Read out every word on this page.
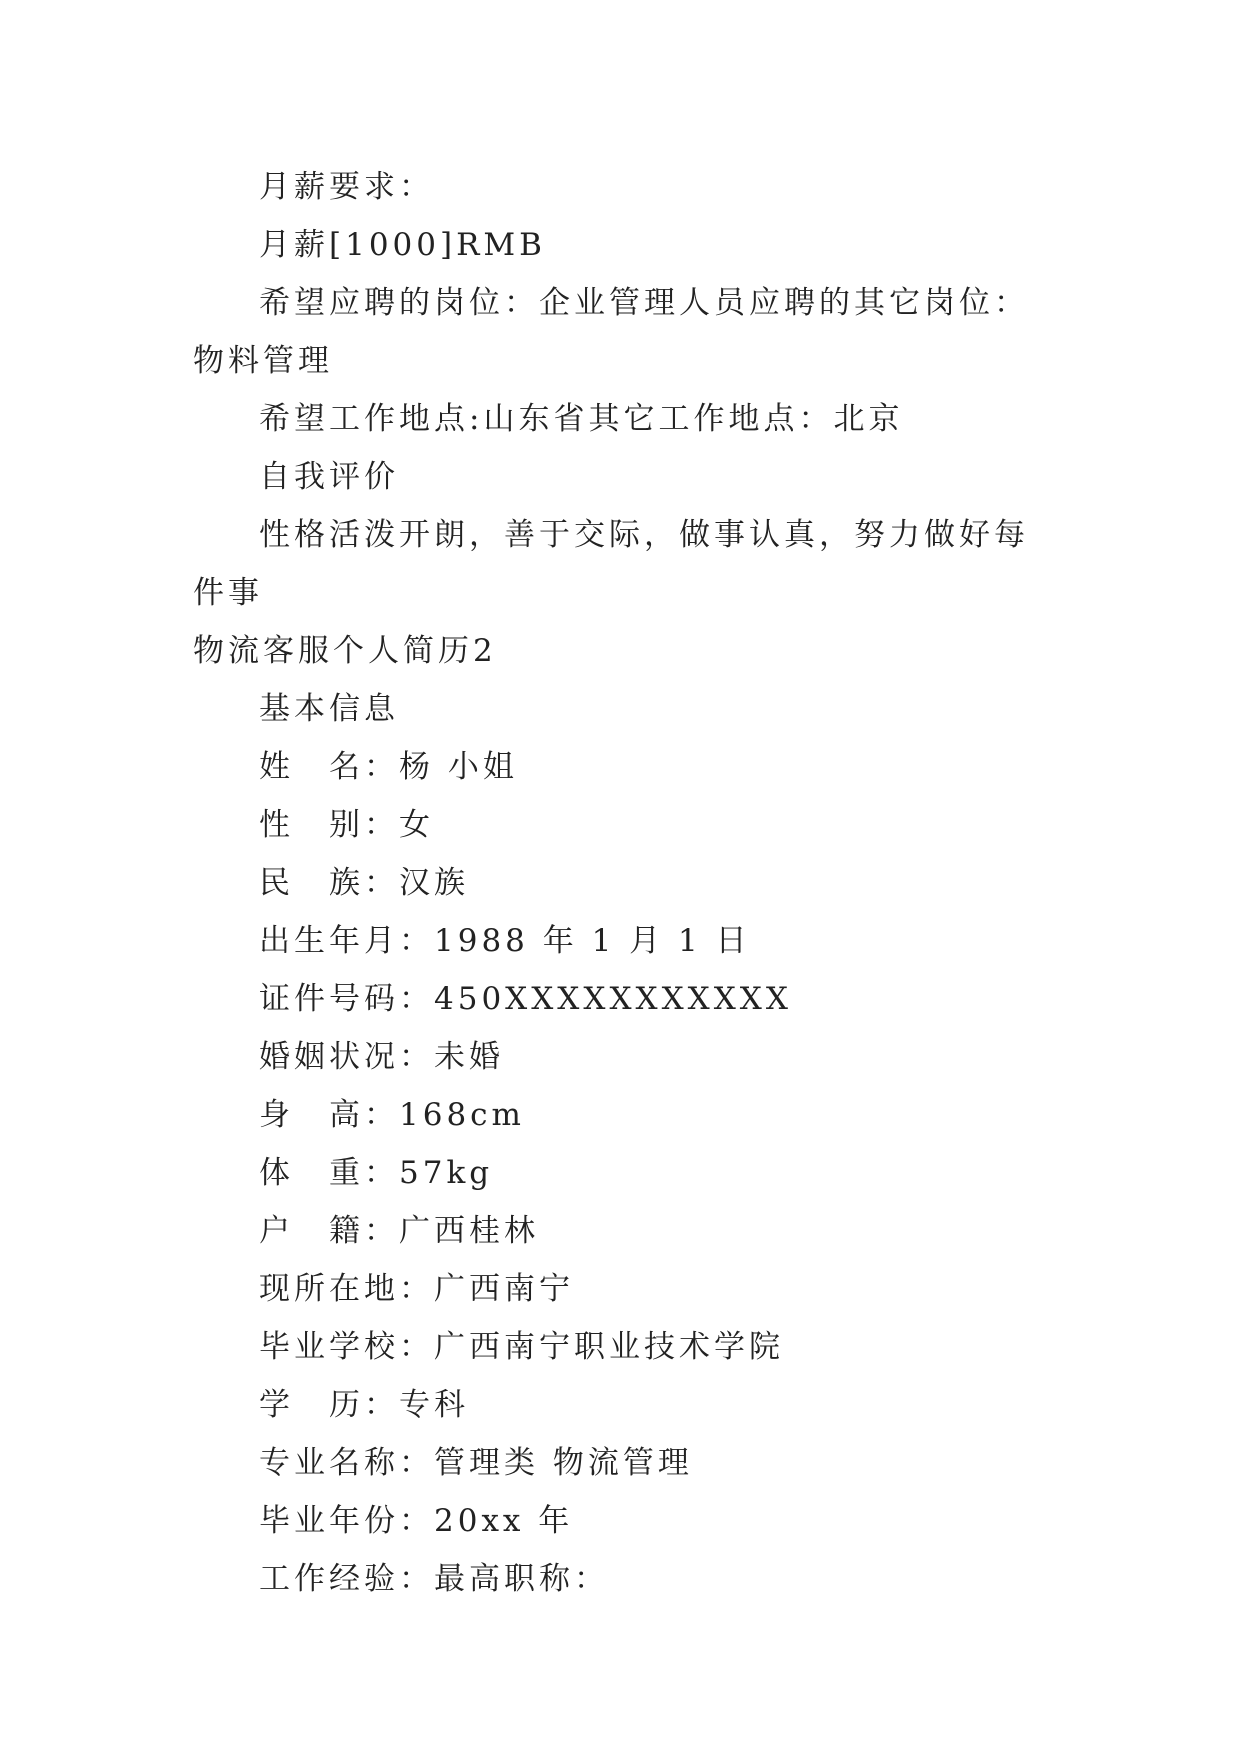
月薪要求：

月薪[1000]RMB

希望应聘的岗位：企业管理人员应聘的其它岗位：物料管理

希望工作地点:山东省其它工作地点：北京

自我评价

性格活泼开朗，善于交际，做事认真，努力做好每件事

物流客服个人简历2

基本信息

姓　名：杨 小姐

性　别：女

民　族：汉族

出生年月：1988 年 1 月 1 日

证件号码：450XXXXXXXXXXX

婚姻状况：未婚

身　高：168cm

体　重：57kg

户　籍：广西桂林

现所在地：广西南宁

毕业学校：广西南宁职业技术学院

学　历：专科

专业名称：管理类 物流管理

毕业年份：20xx 年

工作经验：最高职称：
